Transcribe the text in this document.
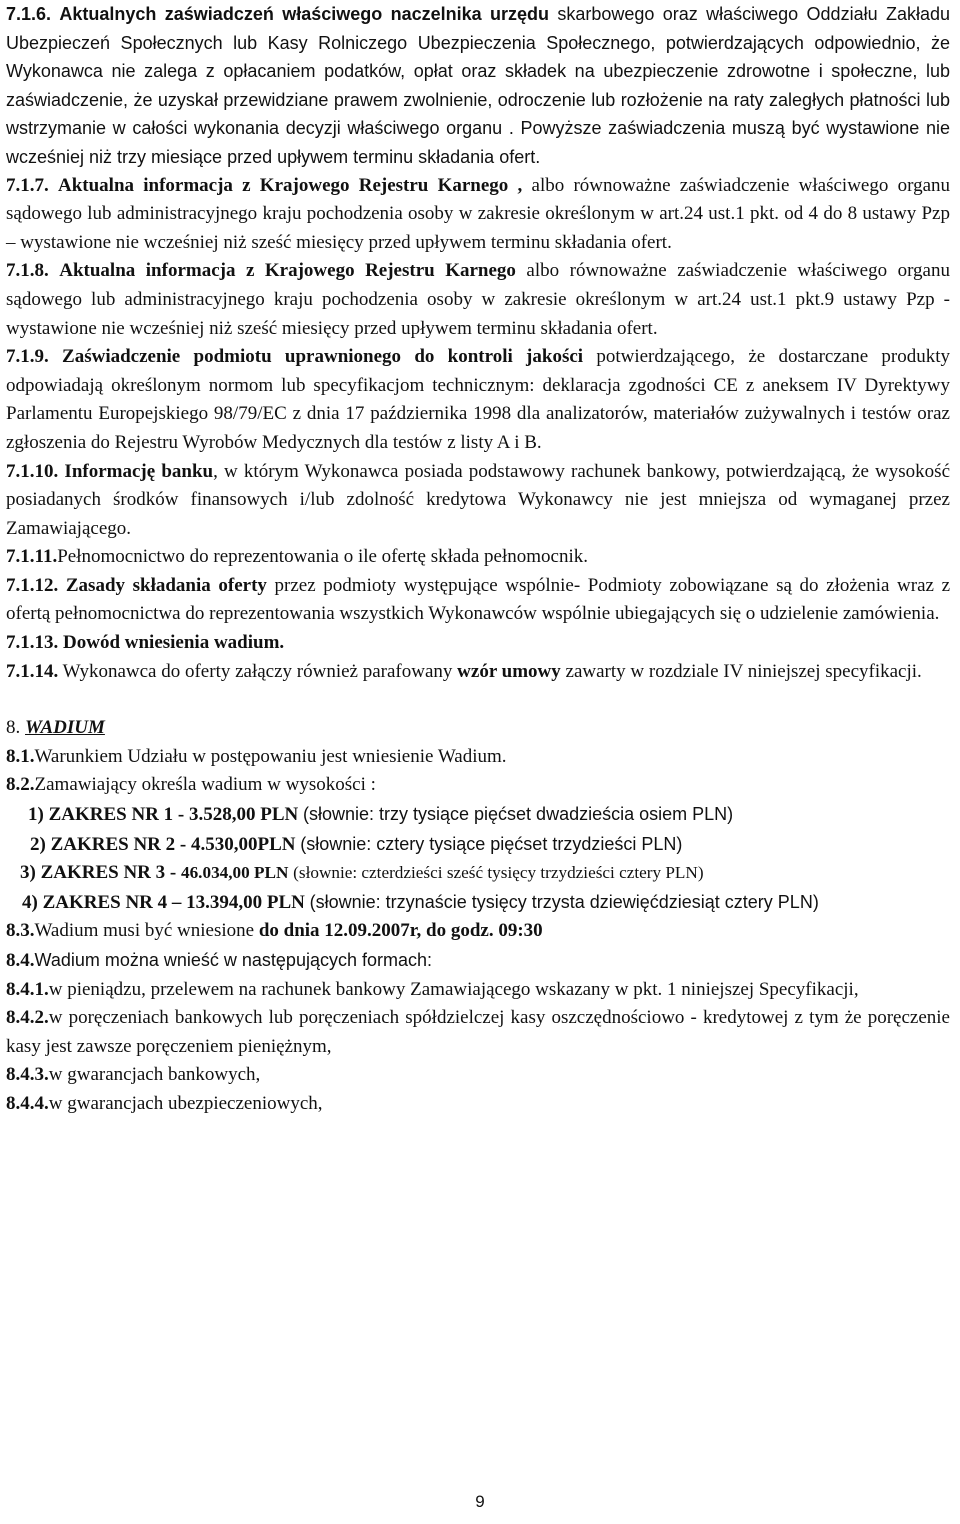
7.1.6. Aktualnych zaświadczeń właściwego naczelnika urzędu skarbowego oraz właściwego Oddziału Zakładu Ubezpieczeń Społecznych lub Kasy Rolniczego Ubezpieczenia Społecznego, potwierdzających odpowiednio, że Wykonawca nie zalega z opłacaniem podatków, opłat oraz składek na ubezpieczenie zdrowotne i społeczne, lub zaświadczenie, że uzyskał przewidziane prawem zwolnienie, odroczenie lub rozłożenie na raty zaległych płatności lub wstrzymanie w całości wykonania decyzji właściwego organu . Powyższe zaświadczenia muszą być wystawione nie wcześniej niż trzy miesiące przed upływem terminu składania ofert.

7.1.7. Aktualna informacja z Krajowego Rejestru Karnego , albo równoważne zaświadczenie właściwego organu sądowego lub administracyjnego kraju pochodzenia osoby w zakresie określonym w art.24 ust.1 pkt. od 4 do 8 ustawy Pzp – wystawione nie wcześniej niż sześć miesięcy przed upływem terminu składania ofert.

7.1.8. Aktualna informacja z Krajowego Rejestru Karnego albo równoważne zaświadczenie właściwego organu sądowego lub administracyjnego kraju pochodzenia osoby w zakresie określonym w art.24 ust.1 pkt.9 ustawy Pzp -wystawione nie wcześniej niż sześć miesięcy przed upływem terminu składania ofert.

7.1.9. Zaświadczenie podmiotu uprawnionego do kontroli jakości potwierdzającego, że dostarczane produkty odpowiadają określonym normom lub specyfikacjom technicznym: deklaracja zgodności CE z aneksem IV Dyrektywy Parlamentu Europejskiego 98/79/EC z dnia 17 października 1998 dla analizatorów, materiałów zużywalnych i testów oraz zgłoszenia do Rejestru Wyrobów Medycznych dla testów z listy A i B.

7.1.10. Informację banku, w którym Wykonawca posiada podstawowy rachunek bankowy, potwierdzającą, że wysokość posiadanych środków finansowych i/lub zdolność kredytowa Wykonawcy nie jest mniejsza od wymaganej przez Zamawiającego.

7.1.11.Pełnomocnictwo do reprezentowania o ile ofertę składa pełnomocnik.

7.1.12. Zasady składania oferty przez podmioty występujące wspólnie- Podmioty zobowiązane są do złożenia wraz z ofertą pełnomocnictwa do reprezentowania wszystkich Wykonawców wspólnie ubiegających się o udzielenie zamówienia.

7.1.13. Dowód wniesienia wadium.

7.1.14. Wykonawca do oferty załączy również parafowany wzór umowy zawarty w rozdziale IV niniejszej specyfikacji.

8. WADIUM

8.1.Warunkiem Udziału w postępowaniu jest wniesienie Wadium.

8.2.Zamawiający określa wadium w wysokości :

1) ZAKRES NR 1 - 3.528,00 PLN (słownie: trzy tysiące pięćset dwadzieścia osiem PLN)

2) ZAKRES NR 2 - 4.530,00PLN (słownie: cztery tysiące pięćset trzydzieści PLN)

3) ZAKRES NR 3 - 46.034,00 PLN (słownie: czterdzieści sześć tysięcy trzydzieści cztery PLN)

4) ZAKRES NR 4 – 13.394,00 PLN (słownie: trzynaście tysięcy trzysta dziewięćdziesiąt cztery PLN)

8.3.Wadium musi być wniesione do dnia 12.09.2007r, do godz. 09:30

8.4.Wadium można wnieść w następujących formach:

8.4.1.w pieniądzu, przelewem na rachunek bankowy Zamawiającego wskazany w pkt. 1 niniejszej Specyfikacji,

8.4.2.w poręczeniach bankowych lub poręczeniach spółdzielczej kasy oszczędnościowo - kredytowej z tym że poręczenie kasy jest zawsze poręczeniem pieniężnym,

8.4.3.w gwarancjach bankowych,

8.4.4.w gwarancjach ubezpieczeniowych,

9
